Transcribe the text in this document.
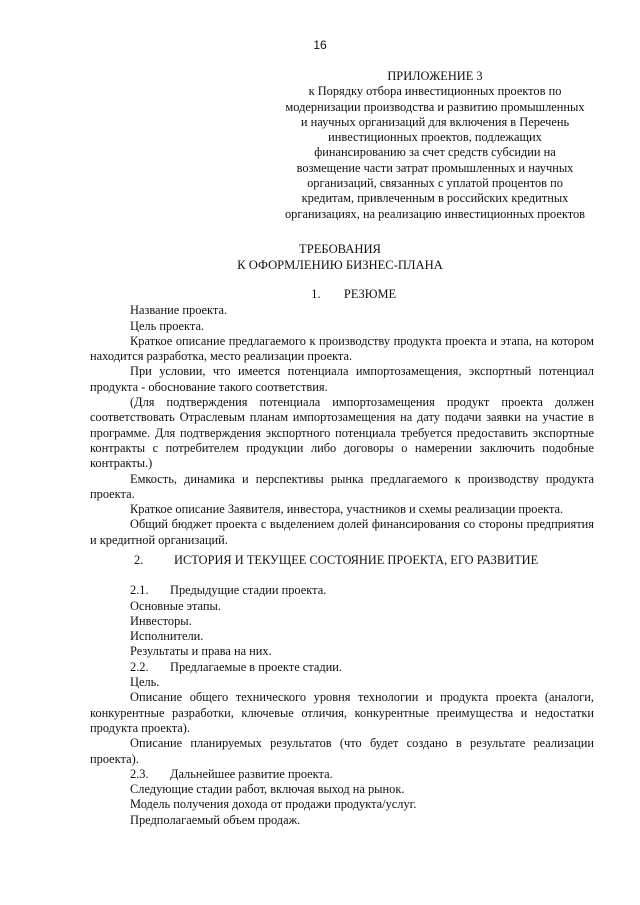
16
ПРИЛОЖЕНИЕ 3
к Порядку отбора инвестиционных проектов по
модернизации производства и развитию промышленных
и научных организаций для включения в Перечень
инвестиционных проектов, подлежащих
финансированию за счет средств субсидии на
возмещение части затрат промышленных и научных
организаций, связанных с уплатой процентов по
кредитам, привлеченным в российских кредитных
организациях, на реализацию инвестиционных проектов
ТРЕБОВАНИЯ
К ОФОРМЛЕНИЮ БИЗНЕС-ПЛАНА

1. РЕЗЮМЕ

Название проекта.

Цель проекта.

Краткое описание предлагаемого к производству продукта проекта и этапа, на котором находится разработка, место реализации проекта.

При условии, что имеется потенциала импортозамещения, экспортный потенциал продукта - обоснование такого соответствия.

(Для подтверждения потенциала импортозамещения продукт проекта должен соответствовать Отраслевым планам импортозамещения на дату подачи заявки на участие в программе. Для подтверждения экспортного потенциала требуется предоставить экспортные контракты с потребителем продукции либо договоры о намерении заключить подобные контракты.)

Емкость, динамика и перспективы рынка предлагаемого к производству продукта проекта.

Краткое описание Заявителя, инвестора, участников и схемы реализации проекта.

Общий бюджет проекта с выделением долей финансирования со стороны предприятия и кредитной организаций.

2. ИСТОРИЯ И ТЕКУЩЕЕ СОСТОЯНИЕ ПРОЕКТА, ЕГО РАЗВИТИЕ

2.1. Предыдущие стадии проекта.

Основные этапы.

Инвесторы.

Исполнители.

Результаты и права на них.

2.2. Предлагаемые в проекте стадии.

Цель.

Описание общего технического уровня технологии и продукта проекта (аналоги, конкурентные разработки, ключевые отличия, конкурентные преимущества и недостатки продукта проекта).

Описание планируемых результатов (что будет создано в результате реализации проекта).

2.3. Дальнейшее развитие проекта.

Следующие стадии работ, включая выход на рынок.

Модель получения дохода от продажи продукта/услуг.

Предполагаемый объем продаж.
